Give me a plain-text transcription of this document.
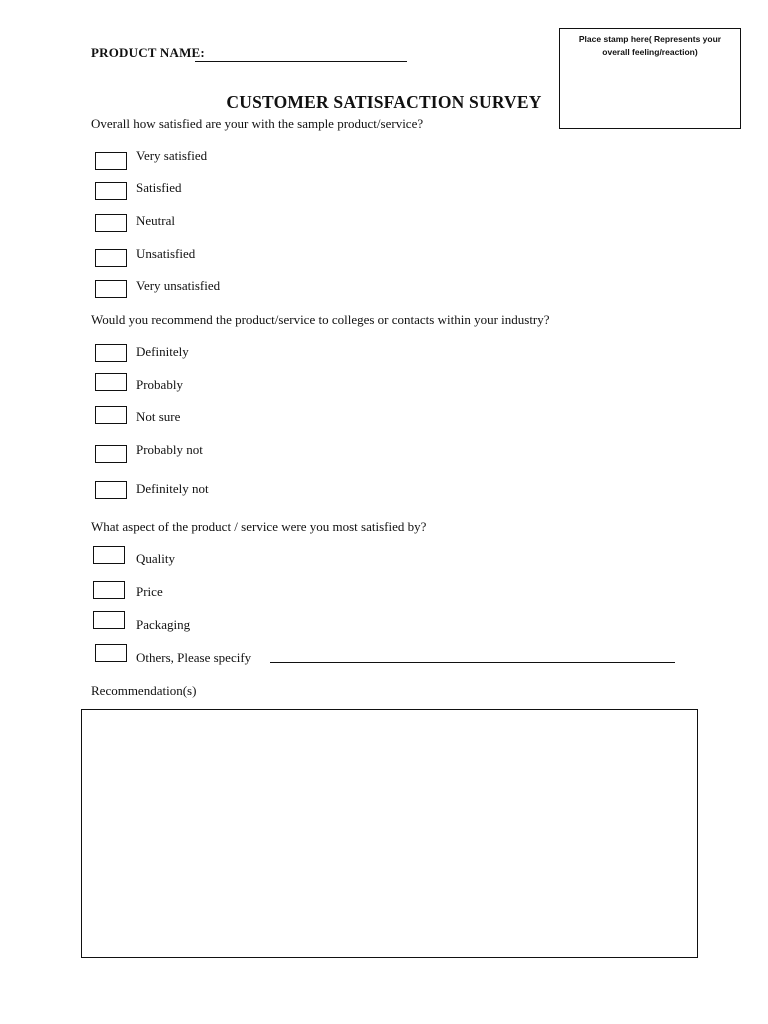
PRODUCT NAME:
Place stamp here( Represents your overall feeling/reaction)
CUSTOMER SATISFACTION SURVEY
Overall how satisfied are your with the sample product/service?
Very satisfied
Satisfied
Neutral
Unsatisfied
Very unsatisfied
Would you recommend the product/service to colleges or contacts within your industry?
Definitely
Probably
Not sure
Probably not
Definitely not
What aspect of the product / service were you most satisfied by?
Quality
Price
Packaging
Others, Please specify
Recommendation(s)
